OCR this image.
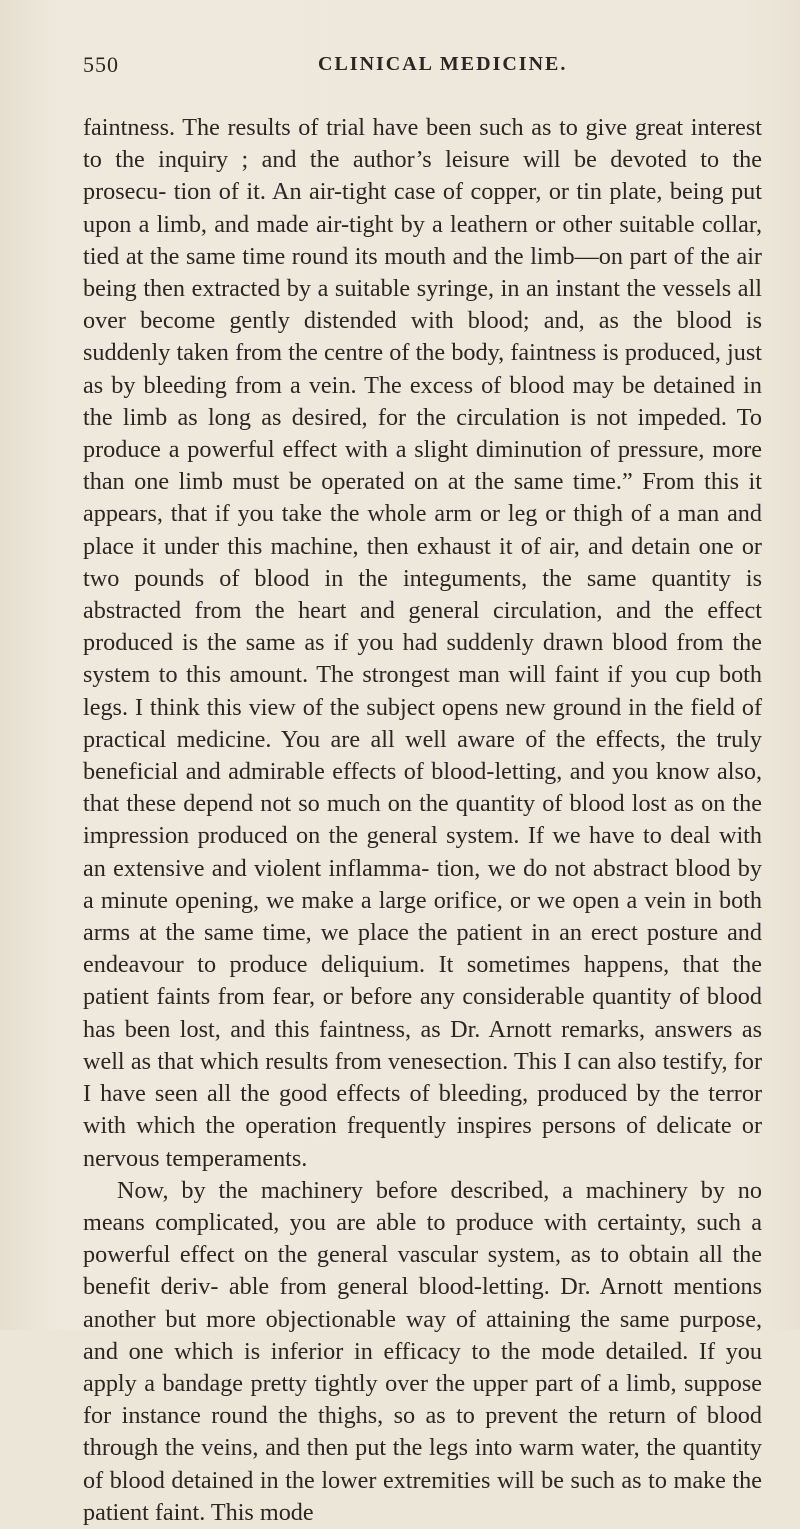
550	CLINICAL MEDICINE.

faintness. The results of trial have been such as to give great interest to the inquiry ; and the author’s leisure will be devoted to the prosecu- tion of it. An air-tight case of copper, or tin plate, being put upon a limb, and made air-tight by a leathern or other suitable collar, tied at the same time round its mouth and the limb—on part of the air being then extracted by a suitable syringe, in an instant the vessels all over become gently distended with blood; and, as the blood is suddenly taken from the centre of the body, faintness is produced, just as by bleeding from a vein. The excess of blood may be detained in the limb as long as desired, for the circulation is not impeded. To produce a powerful effect with a slight diminution of pressure, more than one limb must be operated on at the same time.” From this it appears, that if you take the whole arm or leg or thigh of a man and place it under this machine, then exhaust it of air, and detain one or two pounds of blood in the integuments, the same quantity is abstracted from the heart and general circulation, and the effect produced is the same as if you had suddenly drawn blood from the system to this amount. The strongest man will faint if you cup both legs. I think this view of the subject opens new ground in the field of practical medicine. You are all well aware of the effects, the truly beneficial and admirable effects of blood-letting, and you know also, that these depend not so much on the quantity of blood lost as on the impression produced on the general system. If we have to deal with an extensive and violent inflamma- tion, we do not abstract blood by a minute opening, we make a large orifice, or we open a vein in both arms at the same time, we place the patient in an erect posture and endeavour to produce deliquium. It sometimes happens, that the patient faints from fear, or before any considerable quantity of blood has been lost, and this faintness, as Dr. Arnott remarks, answers as well as that which results from venesection. This I can also testify, for I have seen all the good effects of bleeding, produced by the terror with which the operation frequently inspires persons of delicate or nervous temperaments.

Now, by the machinery before described, a machinery by no means complicated, you are able to produce with certainty, such a powerful effect on the general vascular system, as to obtain all the benefit deriv- able from general blood-letting. Dr. Arnott mentions another but more objectionable way of attaining the same purpose, and one which is inferior in efficacy to the mode detailed. If you apply a bandage pretty tightly over the upper part of a limb, suppose for instance round the thighs, so as to prevent the return of blood through the veins, and then put the legs into warm water, the quantity of blood detained in the lower extremities will be such as to make the patient faint. This mode
